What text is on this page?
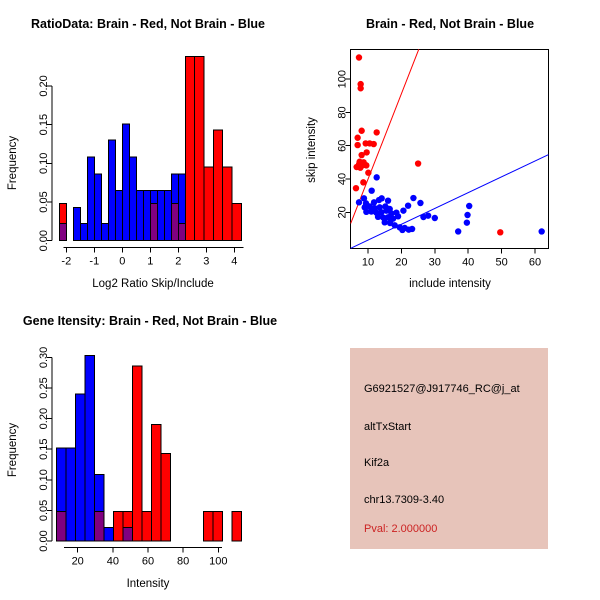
RatioData: Brain - Red, Not Brain - Blue
Log2 Ratio Skip/Include
Frequency
0.00
0.05
0.10
0.15
0.20
-2 -1 0 1 2 3 4
Brain - Red, Not Brain - Blue
include intensity
skip intensity
20
40
60
80
100
10 20 30 40 50 60
Gene Itensity: Brain - Red, Not Brain - Blue
Intensity
Frequency
0.00
0.05
0.10
0.15
0.20
0.25
0.30
20 40 60 80 100
G6921527@J917746_RC@j_at
altTxStart
Kif2a
chr13.7309-3.40
Pval: 2.000000
